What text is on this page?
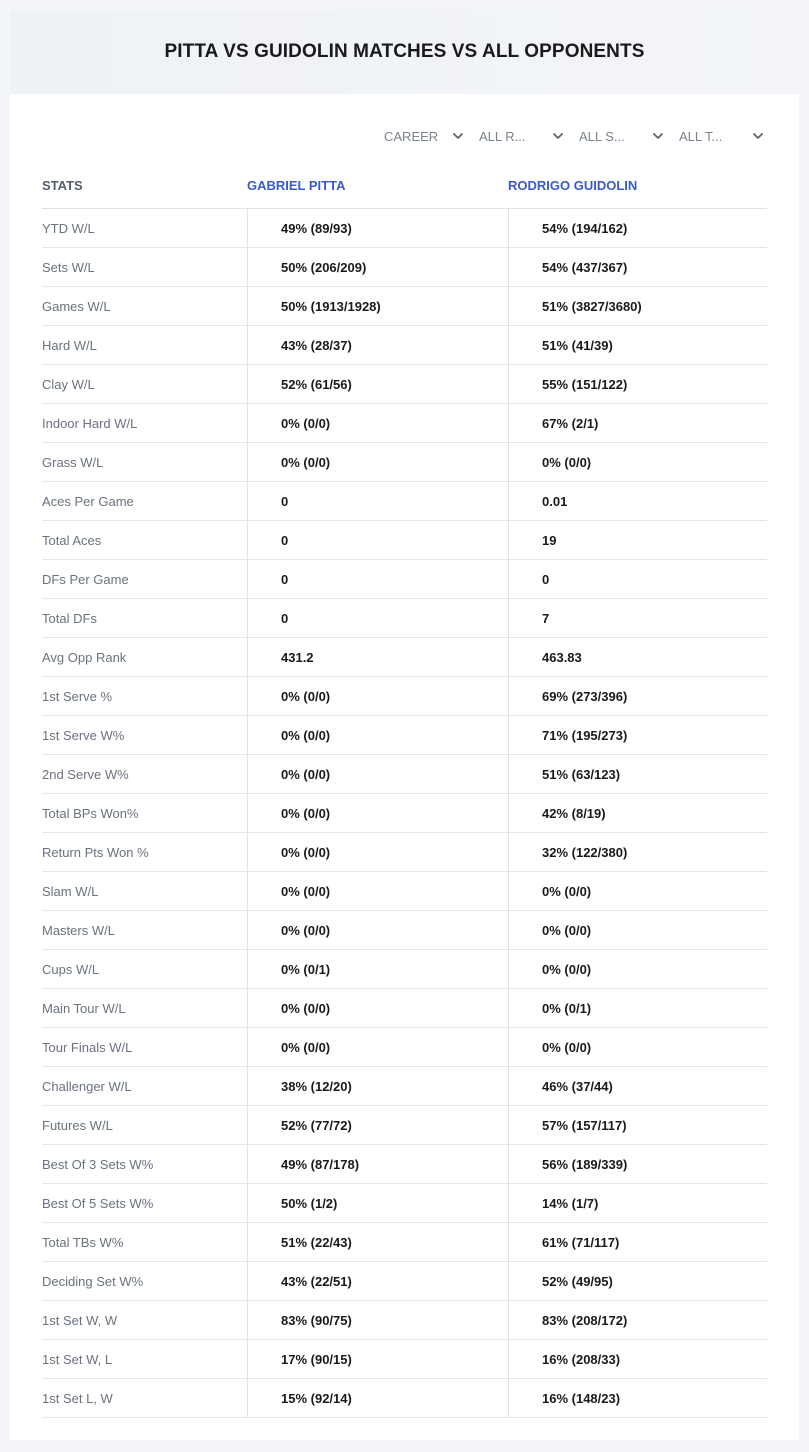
PITTA VS GUIDOLIN MATCHES VS ALL OPPONENTS
CAREER	ALL R...	ALL S...	ALL T...
STATS	GABRIEL PITTA	RODRIGO GUIDOLIN
YTD W/L	49% (89/93)	54% (194/162)
Sets W/L	50% (206/209)	54% (437/367)
Games W/L	50% (1913/1928)	51% (3827/3680)
Hard W/L	43% (28/37)	51% (41/39)
Clay W/L	52% (61/56)	55% (151/122)
Indoor Hard W/L	0% (0/0)	67% (2/1)
Grass W/L	0% (0/0)	0% (0/0)
Aces Per Game	0	0.01
Total Aces	0	19
DFs Per Game	0	0
Total DFs	0	7
Avg Opp Rank	431.2	463.83
1st Serve %	0% (0/0)	69% (273/396)
1st Serve W%	0% (0/0)	71% (195/273)
2nd Serve W%	0% (0/0)	51% (63/123)
Total BPs Won%	0% (0/0)	42% (8/19)
Return Pts Won %	0% (0/0)	32% (122/380)
Slam W/L	0% (0/0)	0% (0/0)
Masters W/L	0% (0/0)	0% (0/0)
Cups W/L	0% (0/1)	0% (0/0)
Main Tour W/L	0% (0/0)	0% (0/1)
Tour Finals W/L	0% (0/0)	0% (0/0)
Challenger W/L	38% (12/20)	46% (37/44)
Futures W/L	52% (77/72)	57% (157/117)
Best Of 3 Sets W%	49% (87/178)	56% (189/339)
Best Of 5 Sets W%	50% (1/2)	14% (1/7)
Total TBs W%	51% (22/43)	61% (71/117)
Deciding Set W%	43% (22/51)	52% (49/95)
1st Set W, W	83% (90/75)	83% (208/172)
1st Set W, L	17% (90/15)	16% (208/33)
1st Set L, W	15% (92/14)	16% (148/23)
